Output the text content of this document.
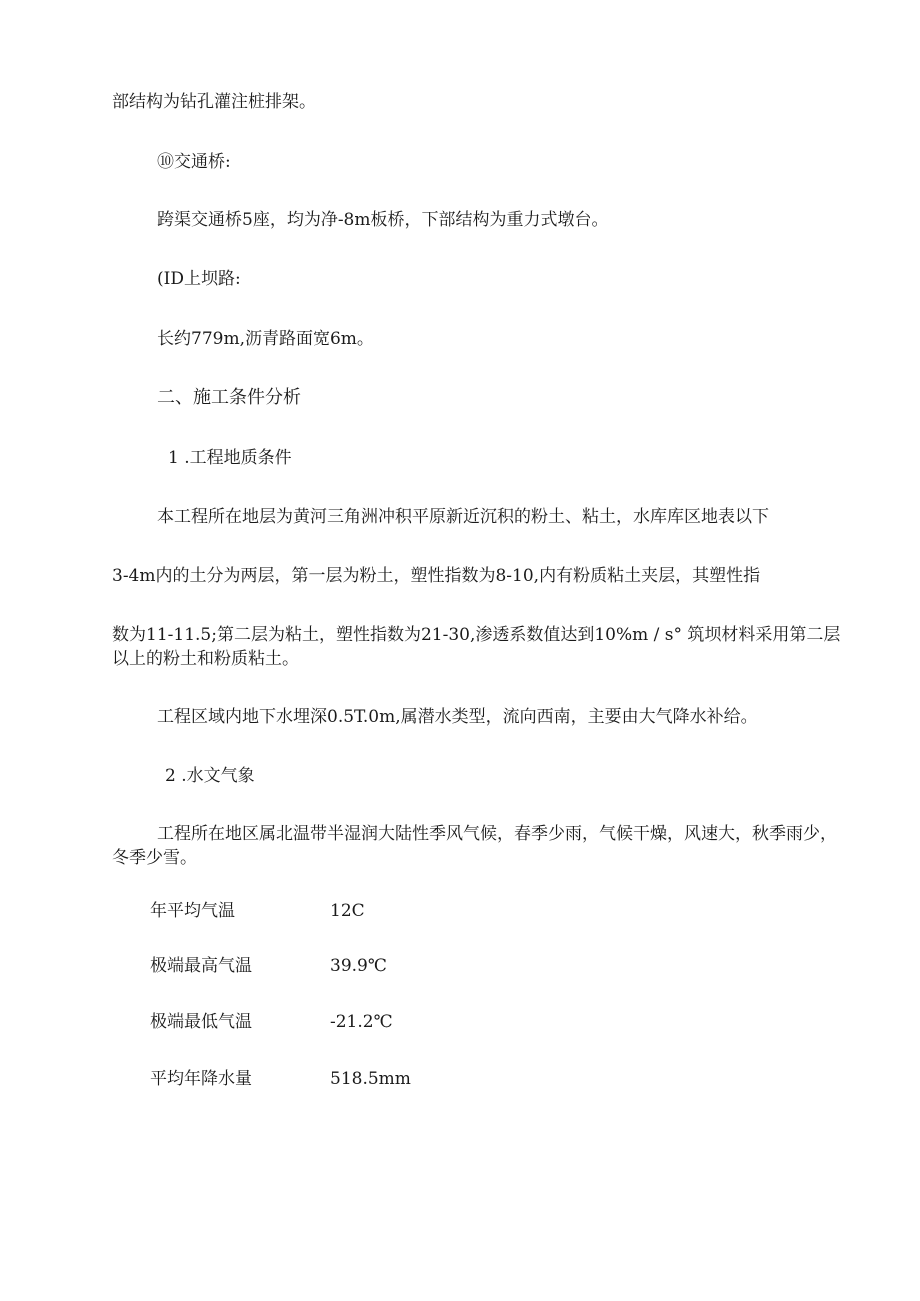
部结构为钻孔灌注桩排架。
⑩交通桥:
跨渠交通桥5座，均为净-8m板桥，下部结构为重力式墩台。
(ID上坝路:
长约779m,沥青路面宽6m。
二、施工条件分析
1 .工程地质条件
本工程所在地层为黄河三角洲冲积平原新近沉积的粉土、粘土，水库库区地表以下
3-4m内的土分为两层，第一层为粉土，塑性指数为8-10,内有粉质粘土夹层，其塑性指
数为11-11.5;第二层为粘土，塑性指数为21-30,渗透系数值达到10%m / s° 筑坝材料采用第二层
以上的粉土和粉质粘土。
工程区域内地下水埋深0.5T.0m,属潜水类型，流向西南，主要由大气降水补给。
2 .水文气象
工程所在地区属北温带半湿润大陆性季风气候，春季少雨，气候干燥，风速大，秋季雨少，
冬季少雪。
年平均气温	12C
极端最高气温	39.9℃
极端最低气温	-21.2℃
平均年降水量	518.5mm
